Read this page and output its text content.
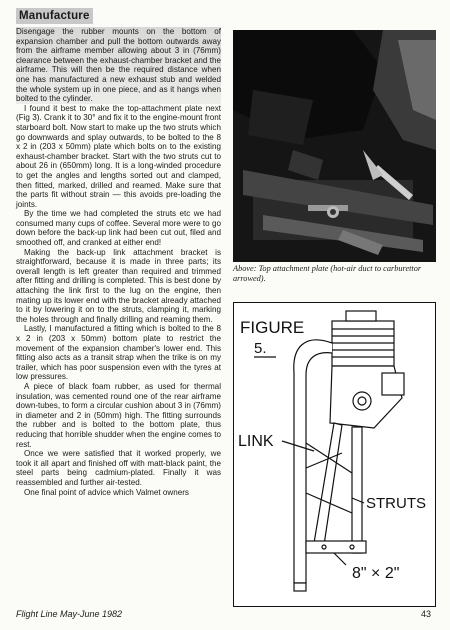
Manufacture

Disengage the rubber mounts on the bottom of expansion chamber and pull the bottom outwards away from the airframe member allowing about 3 in (76mm) clearance between the exhaust-chamber bracket and the airframe. This will then be the required distance when one has manufactured a new exhaust stub and welded the whole system up in one piece, and as it hangs when bolted to the cylinder.

I found it best to make the top-attachment plate next (Fig 3). Crank it to 30° and fix it to the engine-mount front starboard bolt. Now start to make up the two struts which go downwards and splay outwards, to be bolted to the 8 x 2 in (203 x 50mm) plate which bolts on to the existing exhaust-chamber bracket. Start with the two struts cut to about 26 in (650mm) long. It is a long-winded procedure to get the angles and lengths sorted out and clamped, then fitted, marked, drilled and reamed. Make sure that the parts fit without strain — this avoids pre-loading the joints.

By the time we had completed the struts etc we had consumed many cups of coffee. Several more were to go down before the back-up link had been cut out, filed and smoothed off, and cranked at either end!

Making the back-up link attachment bracket is straightforward, because it is made in three parts; its overall length is left greater than required and trimmed after fitting and drilling is completed. This is best done by attaching the link first to the lug on the engine, then mating up its lower end with the bracket already attached to it by lowering it on to the struts, clamping it, marking the holes through and finally drilling and reaming them.

Lastly, I manufactured a fitting which is bolted to the 8 x 2 in (203 x 50mm) bottom plate to restrict the movement of the expansion chamber's lower end. This fitting also acts as a transit strap when the trike is on my trailer, which has poor suspension even with the tyres at low pressures.

A piece of black foam rubber, as used for thermal insulation, was cemented round one of the rear airframe down-tubes, to form a circular cushion about 3 in (76mm) in diameter and 2 in (50mm) high. The fitting surrounds the rubber and is bolted to the bottom plate, thus reducing that horrible shudder when the engine comes to rest.

Once we were satisfied that it worked properly, we took it all apart and finished off with matt-black paint, the steel parts being cadmium-plated. Finally it was reassembled and further air-tested.

One final point of advice which Valmet owners

Above: Top attachment plate (hot-air duct to carburettor arrowed).
FIGURE
5.
LINK
STRUTS
8" × 2"
Flight Line May-June 1982	43
